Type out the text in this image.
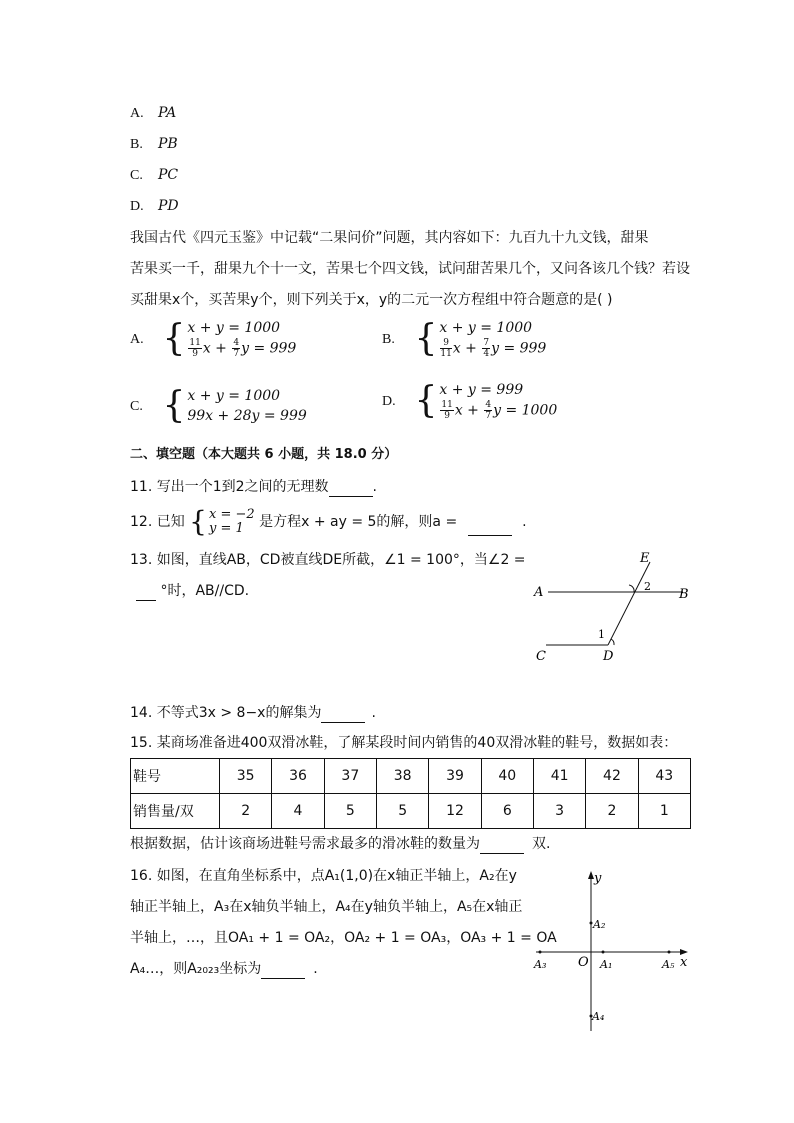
A. PA
B. PB
C. PC
D. PD
我国古代《四元玉鉴》中记载“二果问价”问题，其内容如下：九百九十九文钱，甜果
苦果买一千，甜果九个十一文，苦果七个四文钱，试问甜苦果几个，又问各该几个钱？若设
买甜果x个，买苦果y个，则下列关于x，y的二元一次方程组中符合题意的是( )
A. { x + y = 1000

$\frac{11}{9}$ $x + \frac{4}{7}$ y = 999
B. { x + y = 1000

$\frac{9}{11}$ $x + \frac{7}{4}$ y = 999
C. { x + y = 1000
99x + 28y = 999
D. { x + y = 999

$\frac{11}{9}$ $x + \frac{4}{7}$ y = 1000
二、填空题（本大题共 6 小题，共 18.0 分）
11. 写出一个1到2之间的无理数	.
12. 已知 { x = −2
y = 1	是方程x + ay = 5的解，则a =	.
13. 如图，直线AB，CD被直线DE所截，∠1 = 100°，当∠2 =
°时，AB//CD.	A	B
C	D
E
1
2
14. 不等式3x > 8−x的解集为	.
15. 某商场准备进400双滑冰鞋，了解某段时间内销售的40双滑冰鞋的鞋号，数据如表：
鞋号	35	36	37	38	39	40	41	42	43
销售量/双	2	4	5	5	12	6	3	2	1
根据数据，估计该商场进鞋号需求最多的滑冰鞋的数量为	双.
16. 如图，在直角坐标系中，点A₁(1,0)在x轴正半轴上，A₂在y
轴正半轴上，A₃在x轴负半轴上，A₄在y轴负半轴上，A₅在x轴正
半轴上，…，且OA₁ + 1 = OA₂，OA₂ + 1 = OA₃，OA₃ + 1 = OA
A₄…，则A₂₀₂₃坐标为	.
y
x
O
A₂
A₁
A₃
A₄
A₅
